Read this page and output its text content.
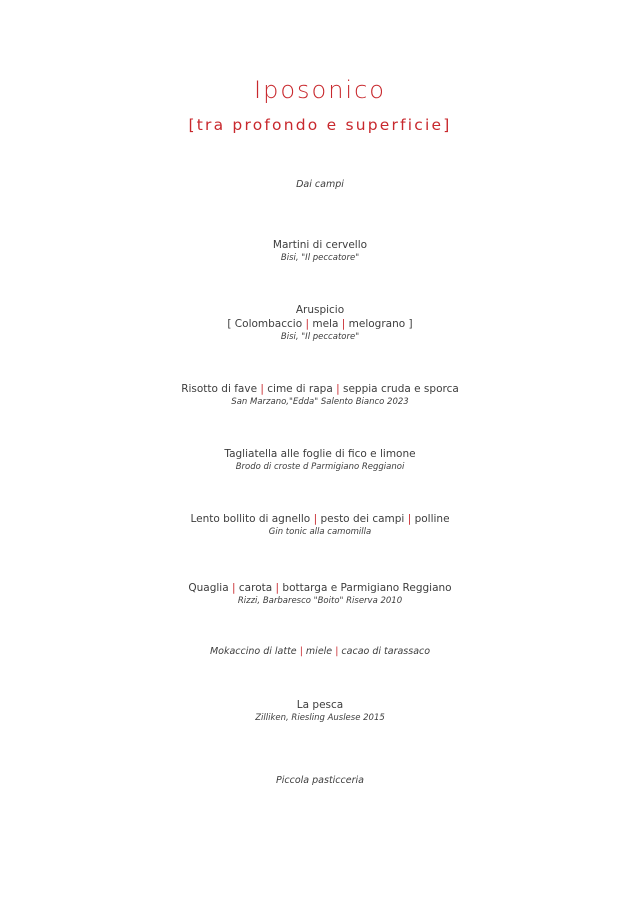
Iposonico
[tra profondo e superficie]
Dai campi
Martini di cervello
Bisi, "Il peccatore"
Aruspicio
[ Colombaccio | mela | melograno ]
Bisi, "Il peccatore"
Risotto di fave | cime di rapa | seppia cruda e sporca
San Marzano,"Edda" Salento Bianco 2023
Tagliatella alle foglie di fico e limone
Brodo di croste d Parmigiano Reggianoi
Lento bollito di agnello | pesto dei campi | polline
Gin tonic alla camomilla
Quaglia | carota | bottarga e Parmigiano Reggiano
Rizzi, Barbaresco "Boito" Riserva 2010
Mokaccino di latte | miele | cacao di tarassaco
La pesca
Zilliken, Riesling Auslese 2015
Piccola pasticceria
